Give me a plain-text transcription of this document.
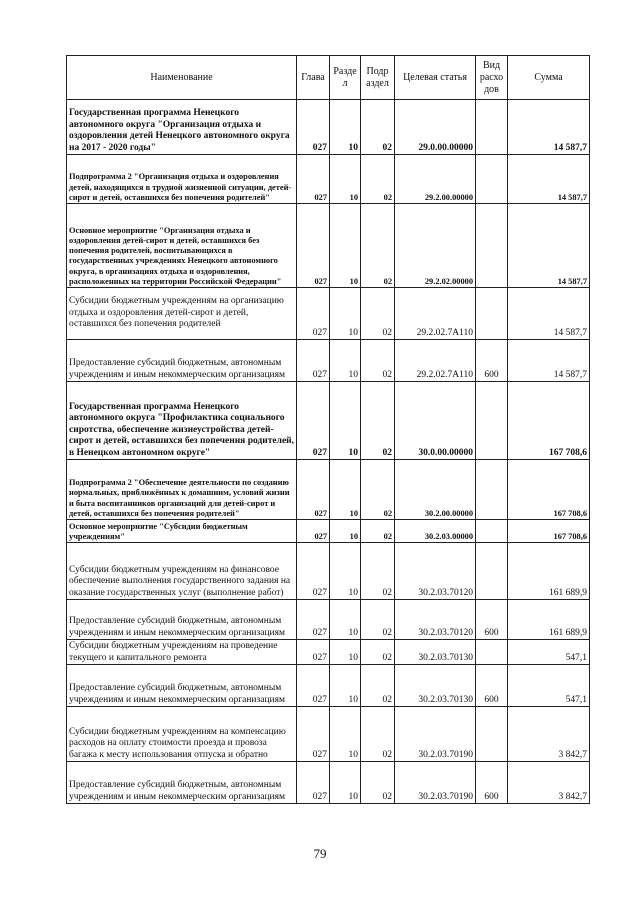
Наименование	Глава	Разде л	Подр аздел	Целевая статья	Вид расхо дов	Сумма
Государственная программа Ненецкого автономного округа "Организация отдыха и оздоровления детей Ненецкого автономного округа на 2017 - 2020 годы"	027	10	02	29.0.00.00000		14 587,7
Подпрограмма 2 "Организация отдыха и оздоровления детей, находящихся в трудной жизненной ситуации, детей-сирот и детей, оставшихся без попечения родителей"	027	10	02	29.2.00.00000		14 587,7
Основное мероприятие "Организация отдыха и оздоровления детей-сирот и детей, оставшихся без попечения родителей, воспитывающихся в государственных учреждениях Ненецкого автономного округа, в организациях отдыха и оздоровления, расположенных на территории Российской Федерации"	027	10	02	29.2.02.00000		14 587,7
Субсидии бюджетным учреждениям на организацию отдыха и оздоровления детей-сирот и детей, оставшихся без попечения родителей	027	10	02	29.2.02.7А110		14 587,7
Предоставление субсидий бюджетным, автономным учреждениям и иным некоммерческим организациям	027	10	02	29.2.02.7А110	600	14 587,7
Государственная программа Ненецкого автономного округа "Профилактика социального сиротства, обеспечение жизнеустройства детей-сирот и детей, оставшихся без попечения родителей, в Ненецком автономном округе"	027	10	02	30.0.00.00000		167 708,6
Подпрограмма 2 "Обеспечение деятельности по созданию нормальных, приближённых к домашним, условий жизни и быта воспитанников организаций для детей-сирот и детей, оставшихся без попечения родителей"	027	10	02	30.2.00.00000		167 708,6
Основное мероприятие "Субсидии бюджетным учреждениям"	027	10	02	30.2.03.00000		167 708,6
Субсидии бюджетным учреждениям на финансовое обеспечение выполнения государственного задания на оказание государственных услуг (выполнение работ)	027	10	02	30.2.03.70120		161 689,9
Предоставление субсидий бюджетным, автономным учреждениям и иным некоммерческим организациям	027	10	02	30.2.03.70120	600	161 689,9
Субсидии бюджетным учреждениям на проведение текущего и капитального ремонта	027	10	02	30.2.03.70130		547,1
Предоставление субсидий бюджетным, автономным учреждениям и иным некоммерческим организациям	027	10	02	30.2.03.70130	600	547,1
Субсидии бюджетным учреждениям на компенсацию расходов на оплату стоимости проезда и провоза багажа к месту использования отпуска и обратно	027	10	02	30.2.03.70190		3 842,7
Предоставление субсидий бюджетным, автономным учреждениям и иным некоммерческим организациям	027	10	02	30.2.03.70190	600	3 842,7
79
